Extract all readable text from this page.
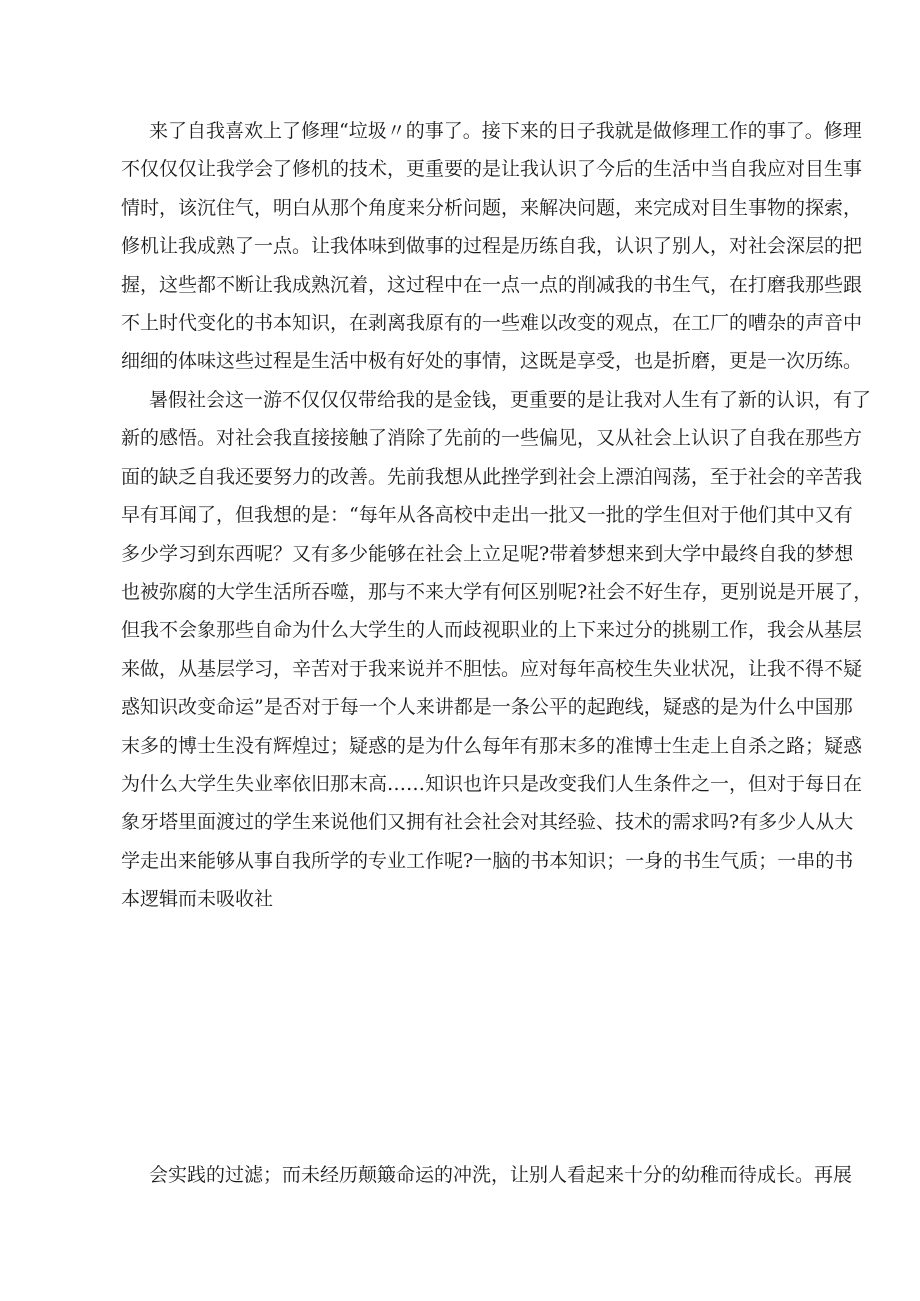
来了自我喜欢上了修理“垃圾〃的事了。接下来的日子我就是做修理工作的事了。修理
不仅仅仅让我学会了修机的技术，更重要的是让我认识了今后的生活中当自我应对目生事
情时，该沉住气，明白从那个角度来分析问题，来解决问题，来完成对目生事物的探索，
修机让我成熟了一点。让我体味到做事的过程是历练自我，认识了别人，对社会深层的把
握，这些都不断让我成熟沉着，这过程中在一点一点的削减我的书生气，在打磨我那些跟
不上时代变化的书本知识，在剥离我原有的一些难以改变的观点，在工厂的嘈杂的声音中
细细的体味这些过程是生活中极有好处的事情，这既是享受，也是折磨，更是一次历练。
暑假社会这一游不仅仅仅带给我的是金钱，更重要的是让我对人生有了新的认识，有了
新的感悟。对社会我直接接触了消除了先前的一些偏见，又从社会上认识了自我在那些方
面的缺乏自我还要努力的改善。先前我想从此挫学到社会上漂泊闯荡，至于社会的辛苦我
早有耳闻了，但我想的是：“每年从各高校中走出一批又一批的学生但对于他们其中又有
多少学习到东西呢？又有多少能够在社会上立足呢?带着梦想来到大学中最终自我的梦想
也被弥腐的大学生活所吞噬，那与不来大学有何区别呢?社会不好生存，更别说是开展了，
但我不会象那些自命为什么大学生的人而歧视职业的上下来过分的挑剔工作，我会从基层
来做，从基层学习，辛苦对于我来说并不胆怯。应对每年高校生失业状况，让我不得不疑
惑知识改变命运”是否对于每一个人来讲都是一条公平的起跑线，疑惑的是为什么中国那
末多的博士生没有辉煌过；疑惑的是为什么每年有那末多的准博士生走上自杀之路；疑惑
为什么大学生失业率依旧那末高……知识也许只是改变我们人生条件之一，但对于每日在
象牙塔里面渡过的学生来说他们又拥有社会社会对其经验、技术的需求吗?有多少人从大
学走出来能够从事自我所学的专业工作呢?一脑的书本知识；一身的书生气质；一串的书
本逻辑而未吸收社
会实践的过滤；而未经历颠簸命运的冲洗，让别人看起来十分的幼稚而待成长。再展
